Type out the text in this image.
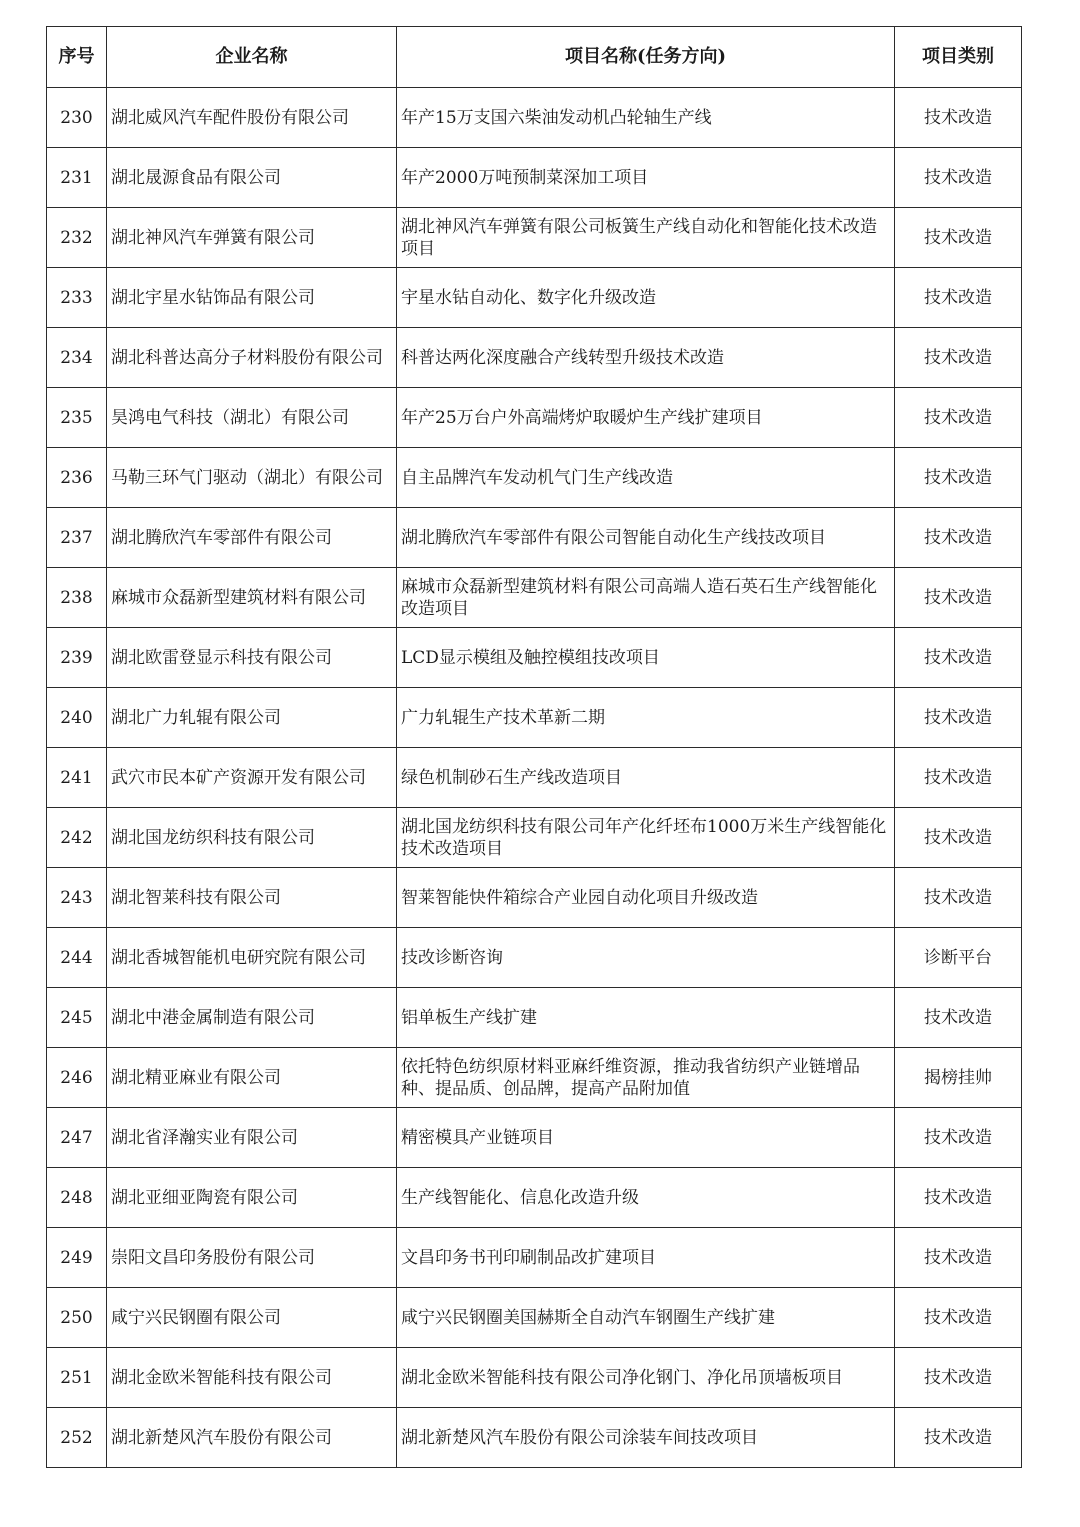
序号	企业名称	项目名称(任务方向)	项目类别
230	湖北威风汽车配件股份有限公司	年产15万支国六柴油发动机凸轮轴生产线	技术改造
231	湖北晟源食品有限公司	年产2000万吨预制菜深加工项目	技术改造
232	湖北神风汽车弹簧有限公司	湖北神风汽车弹簧有限公司板簧生产线自动化和智能化技术改造项目	技术改造
233	湖北宇星水钻饰品有限公司	宇星水钻自动化、数字化升级改造	技术改造
234	湖北科普达高分子材料股份有限公司	科普达两化深度融合产线转型升级技术改造	技术改造
235	昊鸿电气科技（湖北）有限公司	年产25万台户外高端烤炉取暖炉生产线扩建项目	技术改造
236	马勒三环气门驱动（湖北）有限公司	自主品牌汽车发动机气门生产线改造	技术改造
237	湖北腾欣汽车零部件有限公司	湖北腾欣汽车零部件有限公司智能自动化生产线技改项目	技术改造
238	麻城市众磊新型建筑材料有限公司	麻城市众磊新型建筑材料有限公司高端人造石英石生产线智能化改造项目	技术改造
239	湖北欧雷登显示科技有限公司	LCD显示模组及触控模组技改项目	技术改造
240	湖北广力轧辊有限公司	广力轧辊生产技术革新二期	技术改造
241	武穴市民本矿产资源开发有限公司	绿色机制砂石生产线改造项目	技术改造
242	湖北国龙纺织科技有限公司	湖北国龙纺织科技有限公司年产化纤坯布1000万米生产线智能化技术改造项目	技术改造
243	湖北智莱科技有限公司	智莱智能快件箱综合产业园自动化项目升级改造	技术改造
244	湖北香城智能机电研究院有限公司	技改诊断咨询	诊断平台
245	湖北中港金属制造有限公司	铝单板生产线扩建	技术改造
246	湖北精亚麻业有限公司	依托特色纺织原材料亚麻纤维资源，推动我省纺织产业链增品种、提品质、创品牌，提高产品附加值	揭榜挂帅
247	湖北省泽瀚实业有限公司	精密模具产业链项目	技术改造
248	湖北亚细亚陶瓷有限公司	生产线智能化、信息化改造升级	技术改造
249	崇阳文昌印务股份有限公司	文昌印务书刊印刷制品改扩建项目	技术改造
250	咸宁兴民钢圈有限公司	咸宁兴民钢圈美国赫斯全自动汽车钢圈生产线扩建	技术改造
251	湖北金欧米智能科技有限公司	湖北金欧米智能科技有限公司净化钢门、净化吊顶墙板项目	技术改造
252	湖北新楚风汽车股份有限公司	湖北新楚风汽车股份有限公司涂装车间技改项目	技术改造
